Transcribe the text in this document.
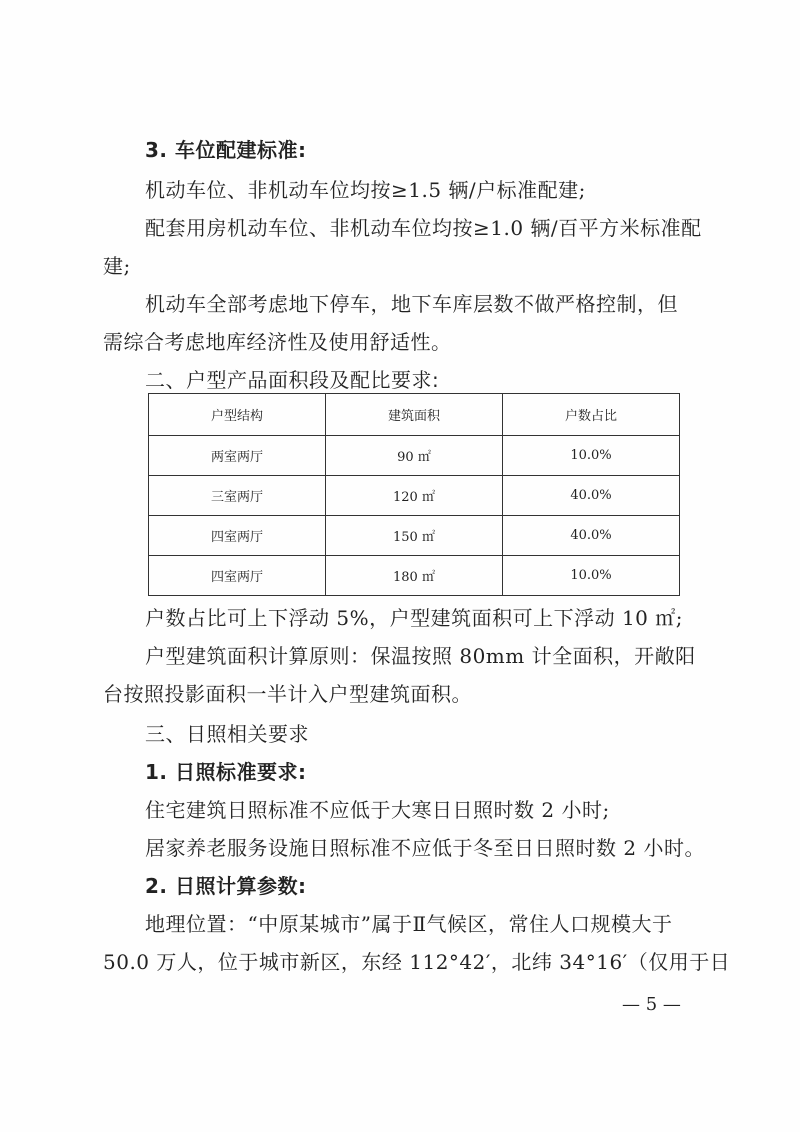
3. 车位配建标准:
机动车位、非机动车位均按≥1.5 辆/户标准配建;
配套用房机动车位、非机动车位均按≥1.0 辆/百平方米标准配
建;
机动车全部考虑地下停车，地下车库层数不做严格控制，但
需综合考虑地库经济性及使用舒适性。
二、户型产品面积段及配比要求:
户型结构	建筑面积	户数占比
两室两厅	90 ㎡	10.0%
三室两厅	120 ㎡	40.0%
四室两厅	150 ㎡	40.0%
四室两厅	180 ㎡	10.0%
户数占比可上下浮动 5%，户型建筑面积可上下浮动 10 ㎡;
户型建筑面积计算原则：保温按照 80mm 计全面积，开敞阳
台按照投影面积一半计入户型建筑面积。
三、日照相关要求
1. 日照标准要求:
住宅建筑日照标准不应低于大寒日日照时数 2 小时;
居家养老服务设施日照标准不应低于冬至日日照时数 2 小时。
2. 日照计算参数:
地理位置：“中原某城市”属于Ⅱ气候区，常住人口规模大于
50.0 万人，位于城市新区，东经 112°42′，北纬 34°16′（仅用于日
— 5 —
